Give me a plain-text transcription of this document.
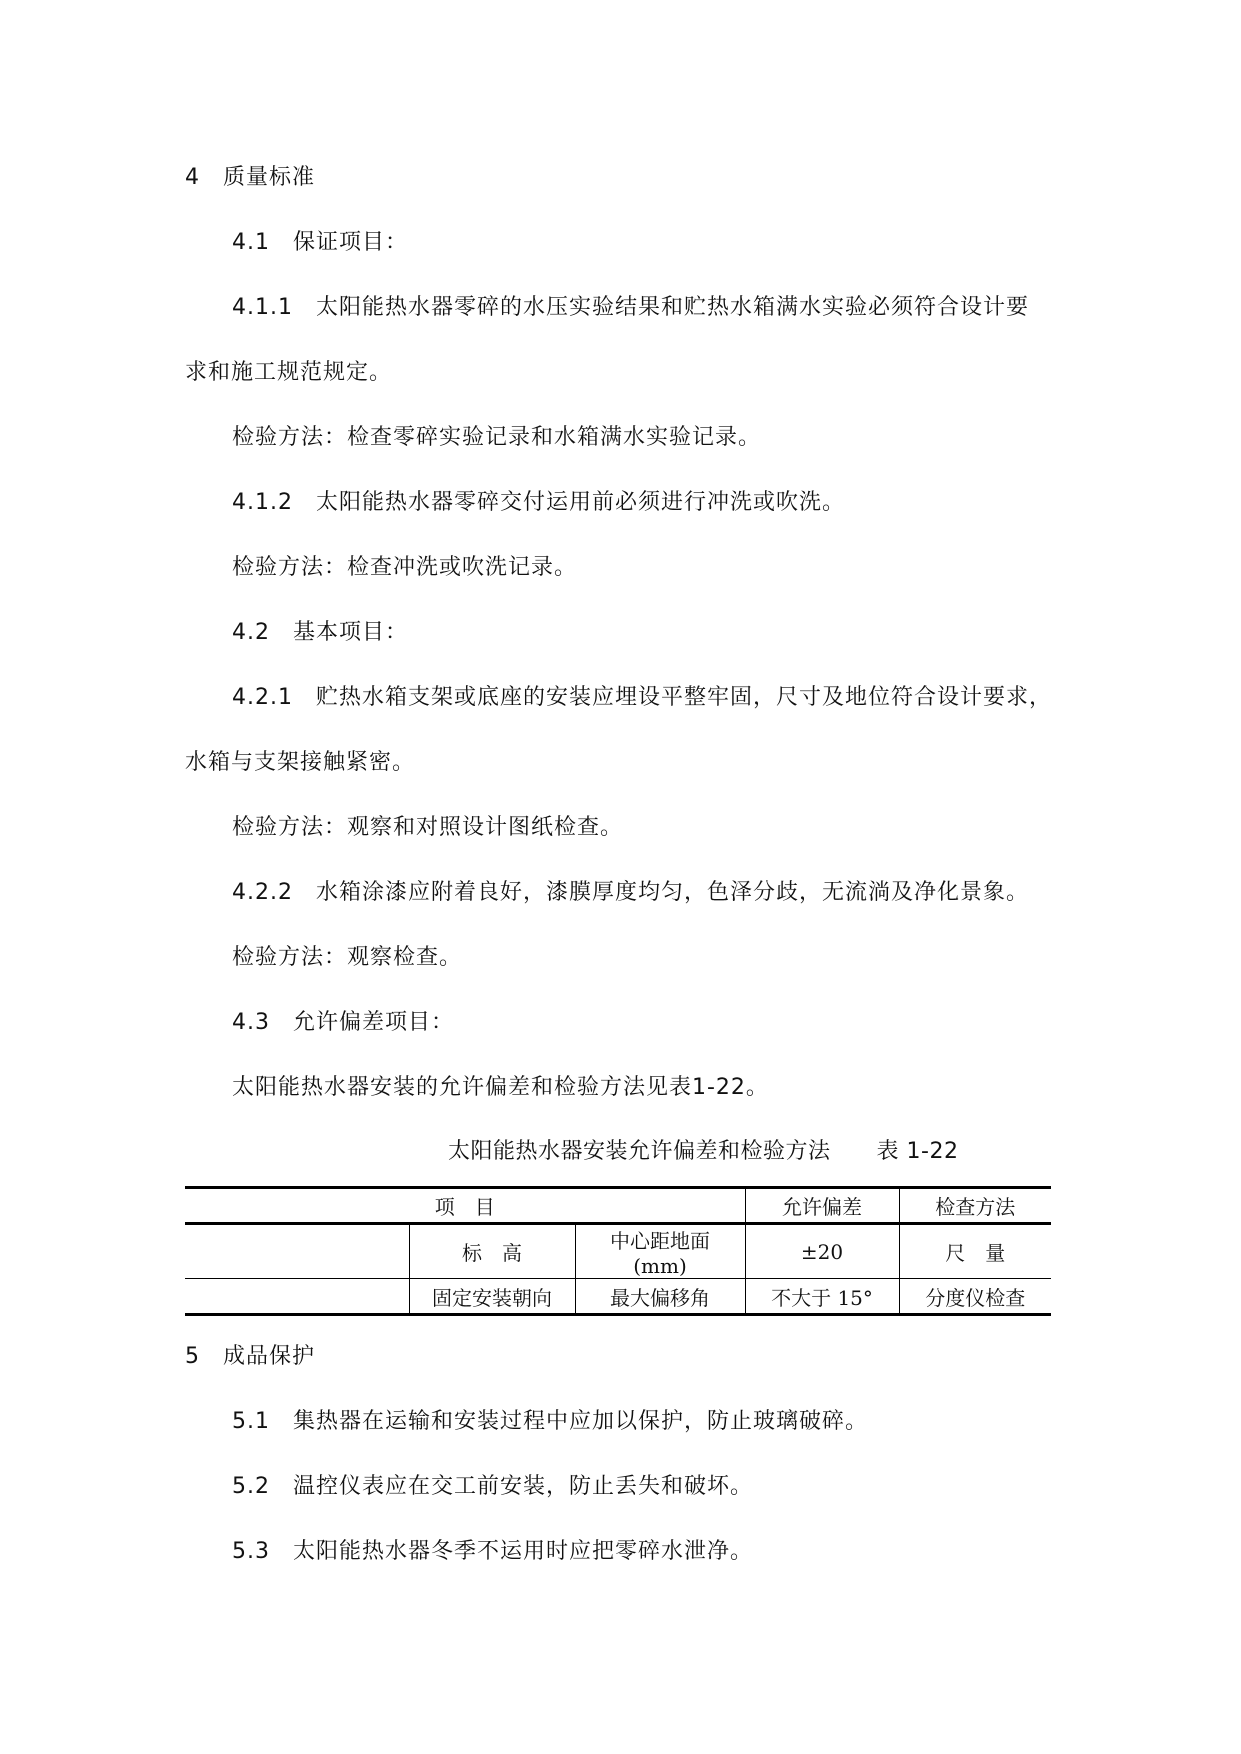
4　质量标准
4.1　保证项目：
4.1.1　太阳能热水器零碎的水压实验结果和贮热水箱满水实验必须符合设计要
求和施工规范规定。
检验方法：检查零碎实验记录和水箱满水实验记录。
4.1.2　太阳能热水器零碎交付运用前必须进行冲洗或吹洗。
检验方法：检查冲洗或吹洗记录。
4.2　基本项目：
4.2.1　贮热水箱支架或底座的安装应埋设平整牢固，尺寸及地位符合设计要求，
水箱与支架接触紧密。
检验方法：观察和对照设计图纸检查。
4.2.2　水箱涂漆应附着良好，漆膜厚度均匀，色泽分歧，无流淌及净化景象。
检验方法：观察检查。
4.3　允许偏差项目：
太阳能热水器安装的允许偏差和检验方法见表1-22。
太阳能热水器安装允许偏差和检验方法 表 1-22
项　目			允许偏差	检查方法
	标　高	中心距地面 (mm)	±20	尺　量
	固定安装朝向	最大偏移角	不大于 15°	分度仪检查
5　成品保护
5.1　集热器在运输和安装过程中应加以保护，防止玻璃破碎。
5.2　温控仪表应在交工前安装，防止丢失和破坏。
5.3　太阳能热水器冬季不运用时应把零碎水泄净。
